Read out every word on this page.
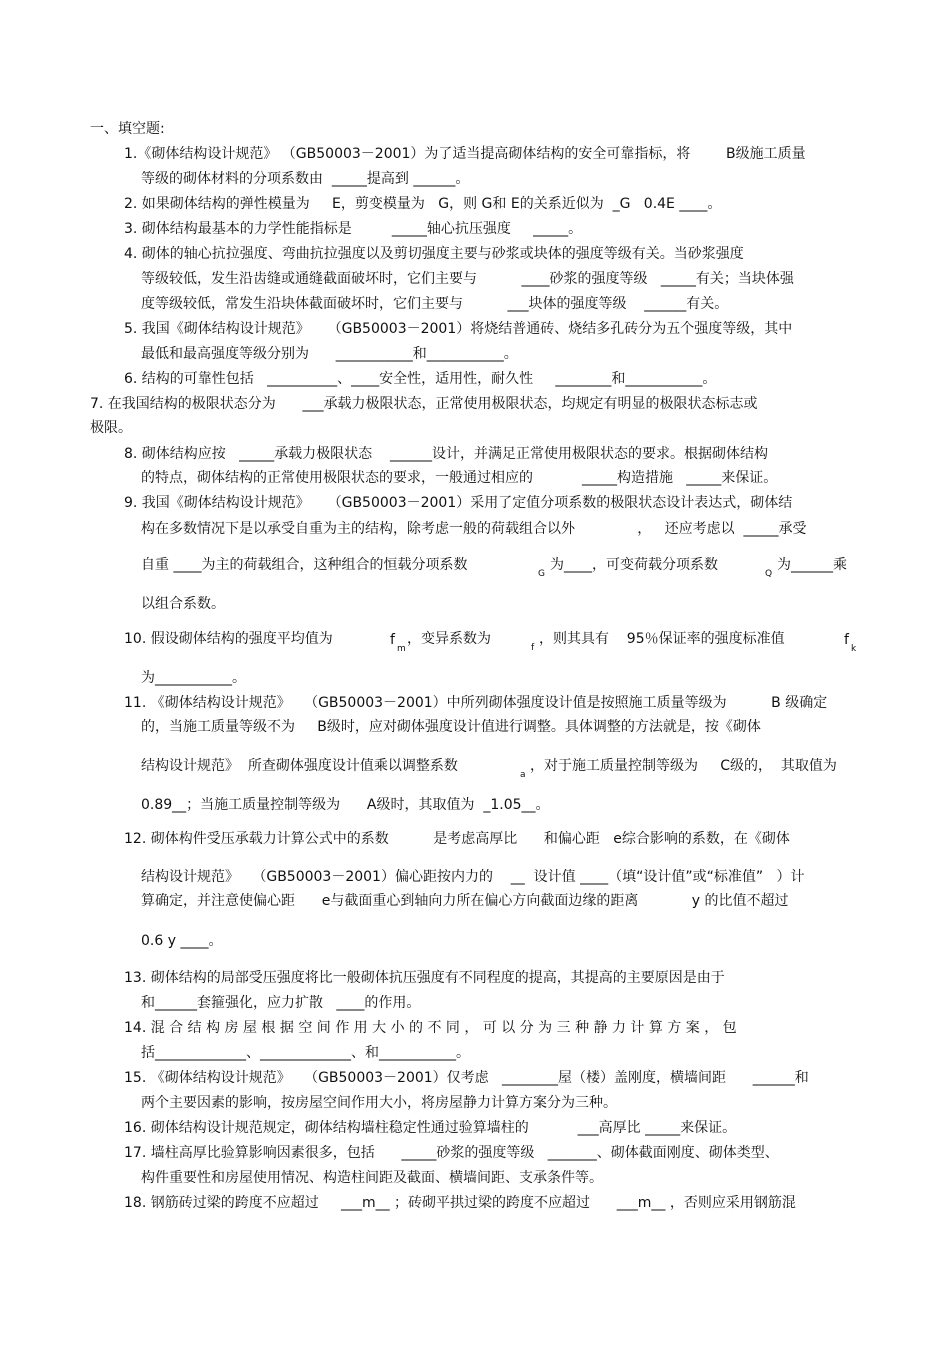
一、填空题:
1.《砌体结构设计规范》 （GB50003－2001）为了适当提高砌体结构的安全可靠指标，将        B级施工质量
等级的砌体材料的分项系数由  _____提高到 ______。
2. 如果砌体结构的弹性模量为     E，剪变模量为   G，则 G和 E的关系近似为  _G   0.4E ____。
3. 砌体结构最基本的力学性能指标是         _____轴心抗压强度     _____。
4. 砌体的轴心抗拉强度、弯曲抗拉强度以及剪切强度主要与砂浆或块体的强度等级有关。当砂浆强度
等级较低，发生沿齿缝或通缝截面破坏时，它们主要与          ____砂浆的强度等级   _____有关；当块体强
度等级较低，常发生沿块体截面破坏时，它们主要与          ___块体的强度等级    ______有关。
5. 我国《砌体结构设计规范》    （GB50003－2001）将烧结普通砖、烧结多孔砖分为五个强度等级，其中
最低和最高强度等级分别为      ___________和___________。
6. 结构的可靠性包括   __________、____安全性，适用性，耐久性     ________和___________。
7. 在我国结构的极限状态分为      ___承载力极限状态，正常使用极限状态，均规定有明显的极限状态标志或
极限。
8. 砌体结构应按   _____承载力极限状态    ______设计，并满足正常使用极限状态的要求。根据砌体结构
的特点，砌体结构的正常使用极限状态的要求，一般通过相应的           _____构造措施   _____来保证。
9. 我国《砌体结构设计规范》    （GB50003－2001）采用了定值分项系数的极限状态设计表达式，砌体结
构在多数情况下是以承受自重为主的结构，除考虑一般的荷载组合以外              ，   还应考虑以  _____承受
自重 ____为主的荷载组合，这种组合的恒载分项系数
G
为____，可变荷载分项系数
Q
为______乘
以组合系数。
10. 假设砌体结构的强度平均值为	f
m
，变异系数为
f
，则其具有    95％保证率的强度标准值	f
k
为___________。
11. 《砌体结构设计规范》   （GB50003－2001）中所列砌体强度设计值是按照施工质量等级为          B 级确定
的，当施工质量等级不为     B级时，应对砌体强度设计值进行调整。具体调整的方法就是，按《砌体
结构设计规范》  所查砌体强度设计值乘以调整系数
a
，对于施工质量控制等级为     C级的，  其取值为
0.89__；当施工质量控制等级为      A级时，其取值为  _1.05__。
12. 砌体构件受压承载力计算公式中的系数          是考虑高厚比      和偏心距   e综合影响的系数，在《砌体
结构设计规范》   （GB50003－2001）偏心距按内力的    __  设计值 ____（填“设计值”或“标准值”   ）计
算确定，并注意使偏心距      e与截面重心到轴向力所在偏心方向截面边缘的距离            y 的比值不超过
0.6 y ____。
13. 砌体结构的局部受压强度将比一般砌体抗压强度有不同程度的提高，其提高的主要原因是由于
和______套箍强化，应力扩散   ____的作用。
14. 混 合 结 构 房 屋 根 据 空 间 作 用 大 小 的 不 同 ， 可 以 分 为 三 种 静 力 计 算 方 案 ， 包
括_____________、_____________、和___________。
15. 《砌体结构设计规范》   （GB50003－2001）仅考虑   ________屋（楼）盖刚度，横墙间距      ______和
两个主要因素的影响，按房屋空间作用大小，将房屋静力计算方案分为三种。
16. 砌体结构设计规范规定，砌体结构墙柱稳定性通过验算墙柱的           ___高厚比 _____来保证。
17. 墙柱高厚比验算影响因素很多，包括      _____砂浆的强度等级   _______、砌体截面刚度、砌体类型、
构件重要性和房屋使用情况、构造柱间距及截面、横墙间距、支承条件等。
18. 钢筋砖过梁的跨度不应超过     ___m__ ；砖砌平拱过梁的跨度不应超过      ___m__ ，否则应采用钢筋混
